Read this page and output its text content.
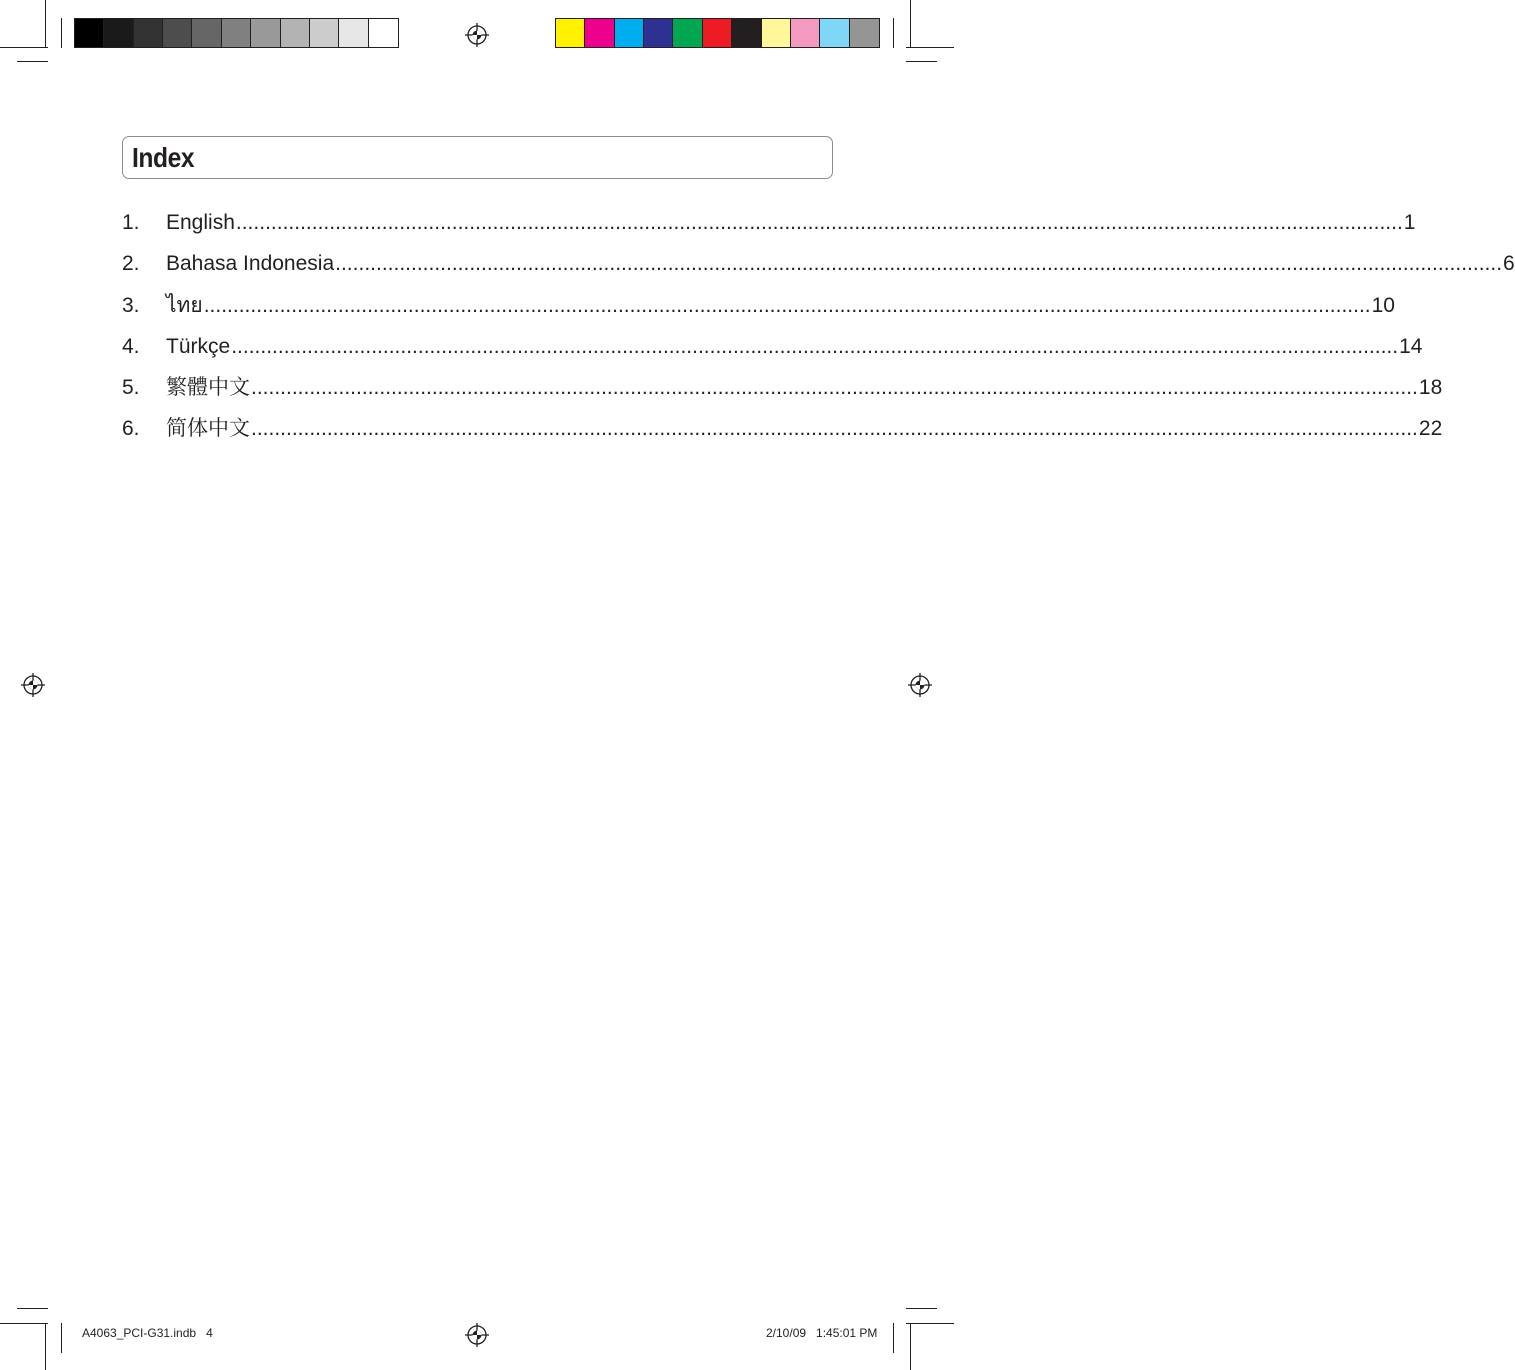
Index
1. English ........................................................................................................................................................................................................ 1
2. Bahasa Indonesia ........................................................................................................................................................................................................ 6
3. ไทย ........................................................................................................................................................................................................ 10
4. Türkçe ........................................................................................................................................................................................................ 14
5. 繁體中文 ........................................................................................................................................................................................................ 18
6. 简体中文 ........................................................................................................................................................................................................ 22
A4063_PCI-G31.indb   4	2/10/09   1:45:01 PM
